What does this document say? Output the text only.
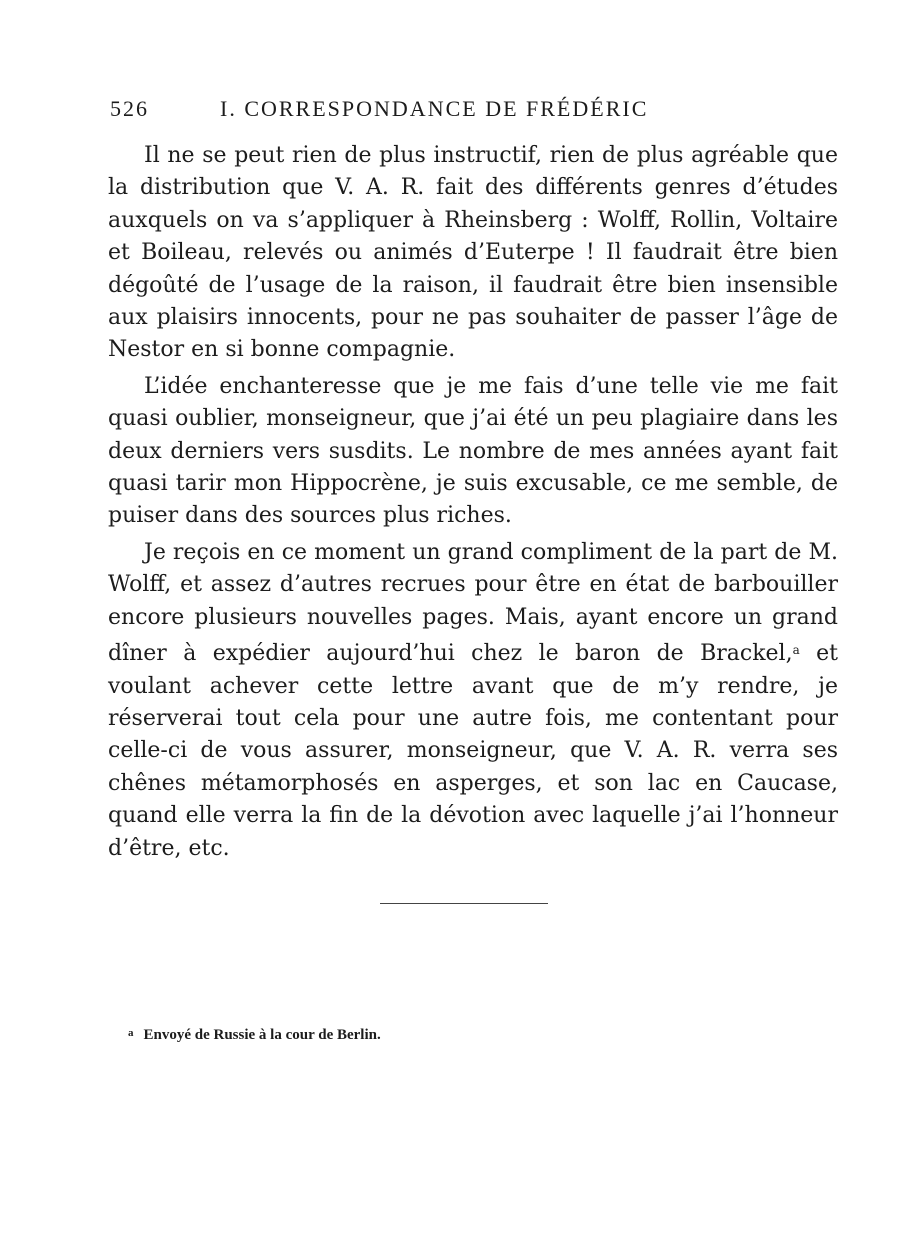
526	I. CORRESPONDANCE DE FRÉDÉRIC

Il ne se peut rien de plus instructif, rien de plus agréable que la distribution que V. A. R. fait des différents genres d’études auxquels on va s’appliquer à Rheinsberg : Wolff, Rollin, Voltaire et Boileau, relevés ou animés d’Euterpe ! Il faudrait être bien dégoûté de l’usage de la raison, il faudrait être bien insensible aux plaisirs innocents, pour ne pas souhaiter de passer l’âge de Nestor en si bonne compagnie.

L’idée enchanteresse que je me fais d’une telle vie me fait quasi oublier, monseigneur, que j’ai été un peu plagiaire dans les deux derniers vers susdits. Le nombre de mes années ayant fait quasi tarir mon Hippocrène, je suis excusable, ce me semble, de puiser dans des sources plus riches.

Je reçois en ce moment un grand compliment de la part de M. Wolff, et assez d’autres recrues pour être en état de barbouiller encore plusieurs nouvelles pages. Mais, ayant encore un grand dîner à expédier aujourd’hui chez le baron de Brackel,$^a$ et voulant achever cette lettre avant que de m’y rendre, je réserverai tout cela pour une autre fois, me contentant pour celle-ci de vous assurer, monseigneur, que V. A. R. verra ses chênes métamorphosés en asperges, et son lac en Caucase, quand elle verra la fin de la dévotion avec laquelle j’ai l’honneur d’être, etc.

$^a$ Envoyé de Russie à la cour de Berlin.
